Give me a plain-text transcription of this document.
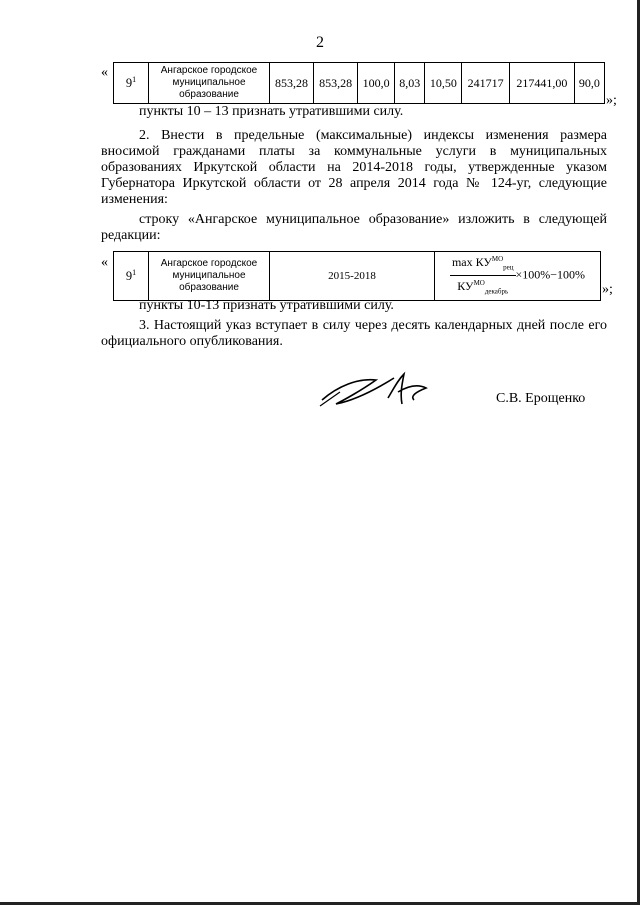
2
«
$9^1$	Ангарское городское
муниципальное
образование	853,28	853,28	100,0	8,03	10,50	241717	217441,00	90,0
»;

пункты 10 – 13 признать утратившими силу.

2. Внести в предельные (максимальные) индексы изменения размера вносимой гражданами платы за коммунальные услуги в муниципальных образованиях Иркутской области на 2014-2018 годы, утвержденные указом Губернатора Иркутской области от 28 апреля 2014 года № 124-уг, следующие изменения:

строку «Ангарское муниципальное образование» изложить в следующей редакции:

«
$9^1$	Ангарское городское
муниципальное
образование	2015-2018	$\frac{\max КУ^{МО}_{рец}}{КУ^{МО}_{декабрь}} \times 100\%-100\%$
»;

пункты 10-13 признать утратившими силу.

3. Настоящий указ вступает в силу через десять календарных дней после его официального опубликования.

С.В. Ерощенко
